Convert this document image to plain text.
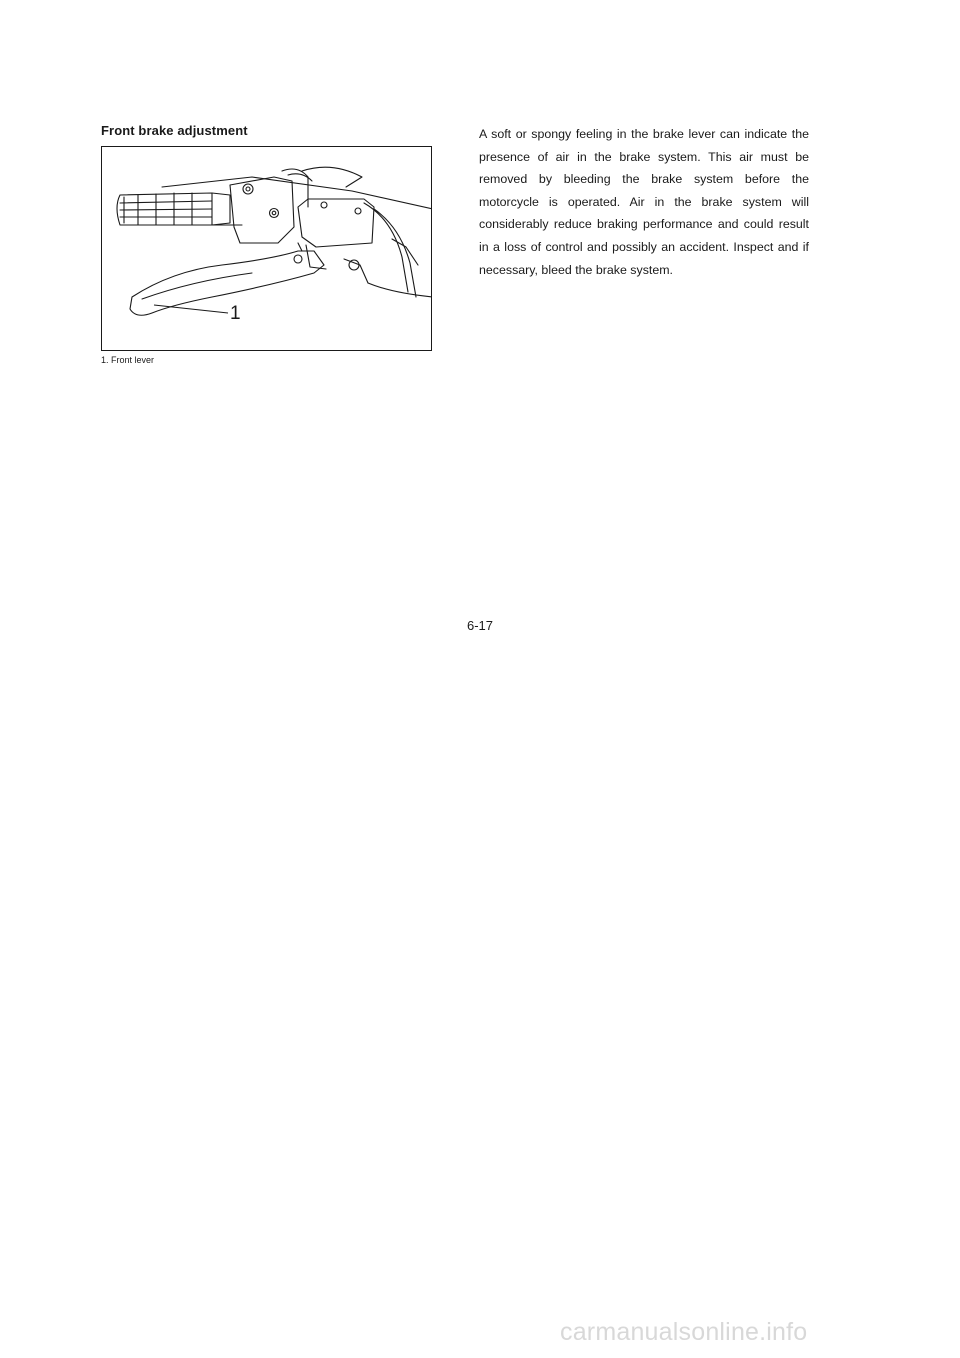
Front brake adjustment
1
1. Front lever

A soft or spongy feeling in the brake lever can indicate the presence of air in the brake system. This air must be removed by bleeding the brake system before the motorcycle is operated. Air in the brake system will considerably reduce braking performance and could result in a loss of control and possibly an accident. Inspect and if necessary, bleed the brake system.

6-17
carmanualsonline.info
